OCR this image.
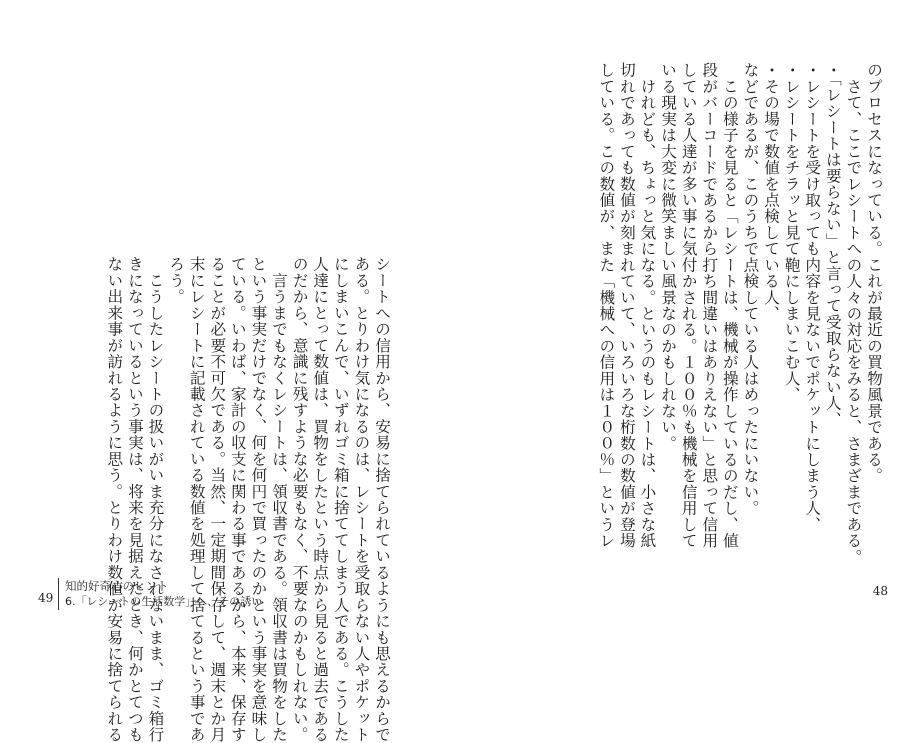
シートへの信用から、安易に捨てられているようにも思えるからで
ある。とりわけ気になるのは、レシートを受取らない人やポケット
にしまいこんで、いずれゴミ箱に捨ててしまう人である。こうした
人達にとって数値は、買物をしたという時点から見ると過去である
のだから、意識に残すような必要もなく、不要なのかもしれない。
　言うまでもなくレシートは、領収書である。領収書は買物をした
という事実だけでなく、何を何円で買ったのかという事実を意味し
ている。いわば、家計の収支に関わる事であるから、本来、保存す
ることが必要不可欠である。当然、一定期間保存して、週末とか月
末にレシートに記載されている数値を処理して捨てるという事であ
ろう。
　こうしたレシートの扱いがいま充分になされないまま、ゴミ箱行
きになっているという事実は、将来を見据えたとき、何かとてつも
ない出来事が訪れるように思う。とりわけ数値が安易に捨てられる
49
知的好奇心のヒント
6.「レシートの生活数学」へ、その誘い
のプロセスになっている。これが最近の買物風景である。
　さて、ここでレシートへの人々の対応をみると、さまざまである。
・「レシートは要らない」と言って受取らない人、
・レシートを受け取っても内容を見ないでポケットにしまう人、
・レシートをチラッと見て鞄にしまいこむ人、
・その場で数値を点検している人、
などであるが、このうちで点検している人はめったにいない。
　この様子を見ると「レシートは、機械が操作しているのだし、値
段がバーコードであるから打ち間違いはありえない」と思って信用
している人達が多い事に気付かされる。１００％も機械を信用して
いる現実は大変に微笑ましい風景なのかもしれない。
　けれども、ちょっと気になる。というのもレシートは、小さな紙
切れであっても数値が刻まれていて、いろいろな桁数の数値が登場
している。この数値が、また「機械への信用は１００％」というレ
48
